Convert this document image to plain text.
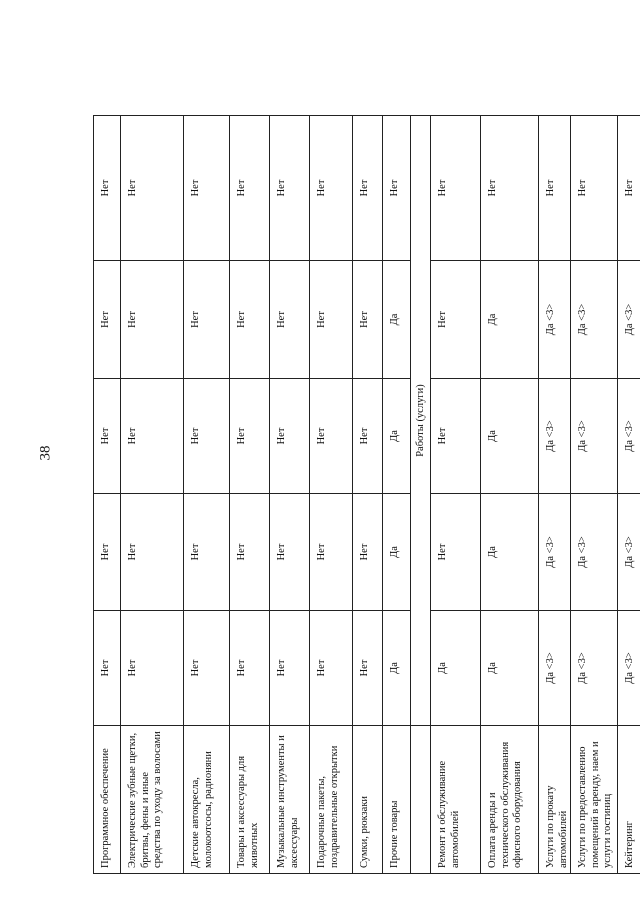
38
Программное обеспечение	Нет	Нет	Нет	Нет	Нет
Электрические зубные щетки, бритвы, фены и иные средства по уходу за волосами	Нет	Нет	Нет	Нет	Нет
Детские автокресла, молокоотсосы, радионяни	Нет	Нет	Нет	Нет	Нет
Товары и аксессуары для животных	Нет	Нет	Нет	Нет	Нет
Музыкальные инструменты и аксессуары	Нет	Нет	Нет	Нет	Нет
Подарочные пакеты, поздравительные открытки	Нет	Нет	Нет	Нет	Нет
Сумки, рюкзаки	Нет	Нет	Нет	Нет	Нет
Прочие товары	Да	Да	Да	Да	Нет
	Работы (услуги)				
Ремонт и обслуживание автомобилей	Да	Нет	Нет	Нет	Нет
Оплата аренды и технического обслуживания офисного оборудования	Да	Да	Да	Да	Нет
Услуги по прокату автомобилей	Да <3>	Да <3>	Да <3>	Да <3>	Нет
Услуги по предоставлению помещений в аренду, наем и услуги гостиниц	Да <3>	Да <3>	Да <3>	Да <3>	Нет
Кейтеринг	Да <3>	Да <3>	Да <3>	Да <3>	Нет
